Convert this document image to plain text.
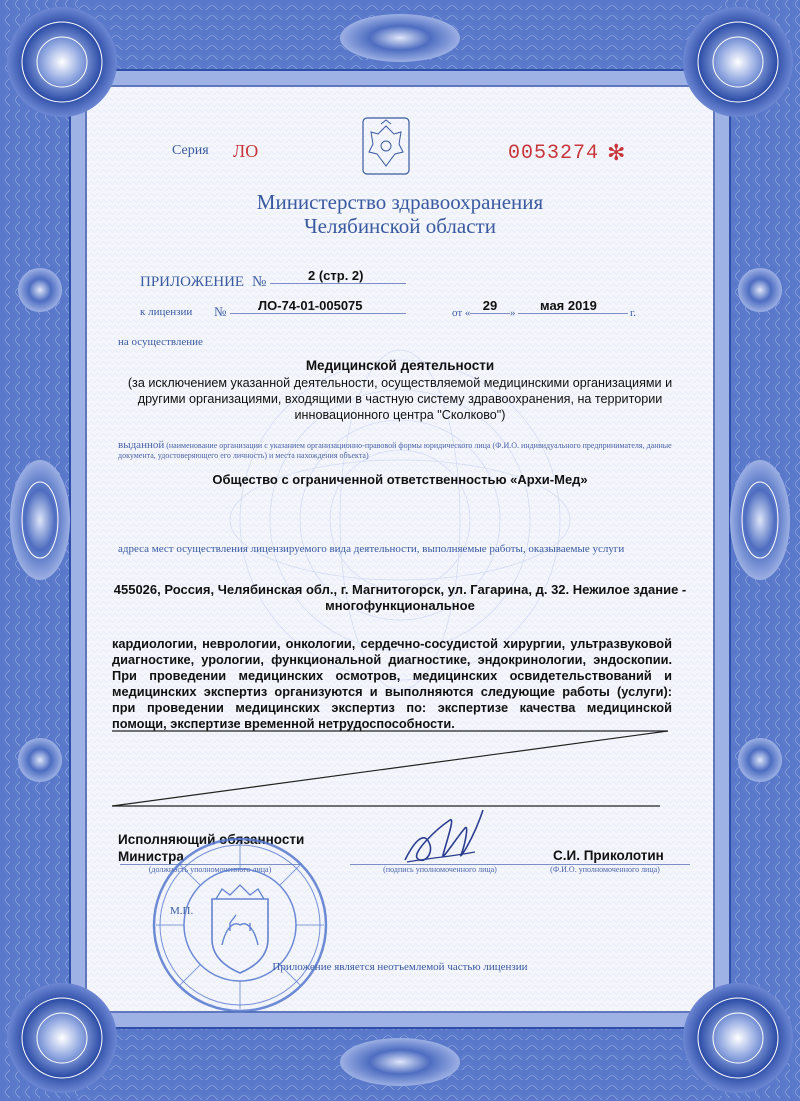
Серия ЛО	0053274 ✻
Министерство здравоохранения
Челябинской области
ПРИЛОЖЕНИЕ №	2 (стр. 2)
к лицензии №	ЛО-74-01-005075	от « 29	»	мая 2019	г.
на осуществление
Медицинской деятельности
(за исключением указанной деятельности, осуществляемой медицинскими организациями и другими организациями, входящими в частную систему здравоохранения, на территории инновационного центра "Сколково")
выданной (наименование организации с указанием организационно-правовой формы юридического лица (Ф.И.О. индивидуального предпринимателя, данные документа, удостоверяющего его личность) и места нахождения объекта)
Общество с ограниченной ответственностью «Архи-Мед»
адреса мест осуществления лицензируемого вида деятельности, выполняемые работы, оказываемые услуги
455026, Россия, Челябинская обл., г. Магнитогорск, ул. Гагарина, д. 32. Нежилое здание - многофункциональное
кардиологии, неврологии, онкологии, сердечно-сосудистой хирургии, ультразвуковой диагностике, урологии, функциональной диагностике, эндокринологии, эндоскопии. При проведении медицинских осмотров, медицинских освидетельствований и медицинских экспертиз организуются и выполняются следующие работы (услуги): при проведении медицинских экспертиз по: экспертизе качества медицинской помощи, экспертизе временной нетрудоспособности.
Исполняющий обязанности
Министра
(должность уполномоченного лица)	(подпись уполномоченного лица)
С.И. Приколотин
(Ф.И.О. уполномоченного лица)
М.П.
Приложение является неотъемлемой частью лицензии
